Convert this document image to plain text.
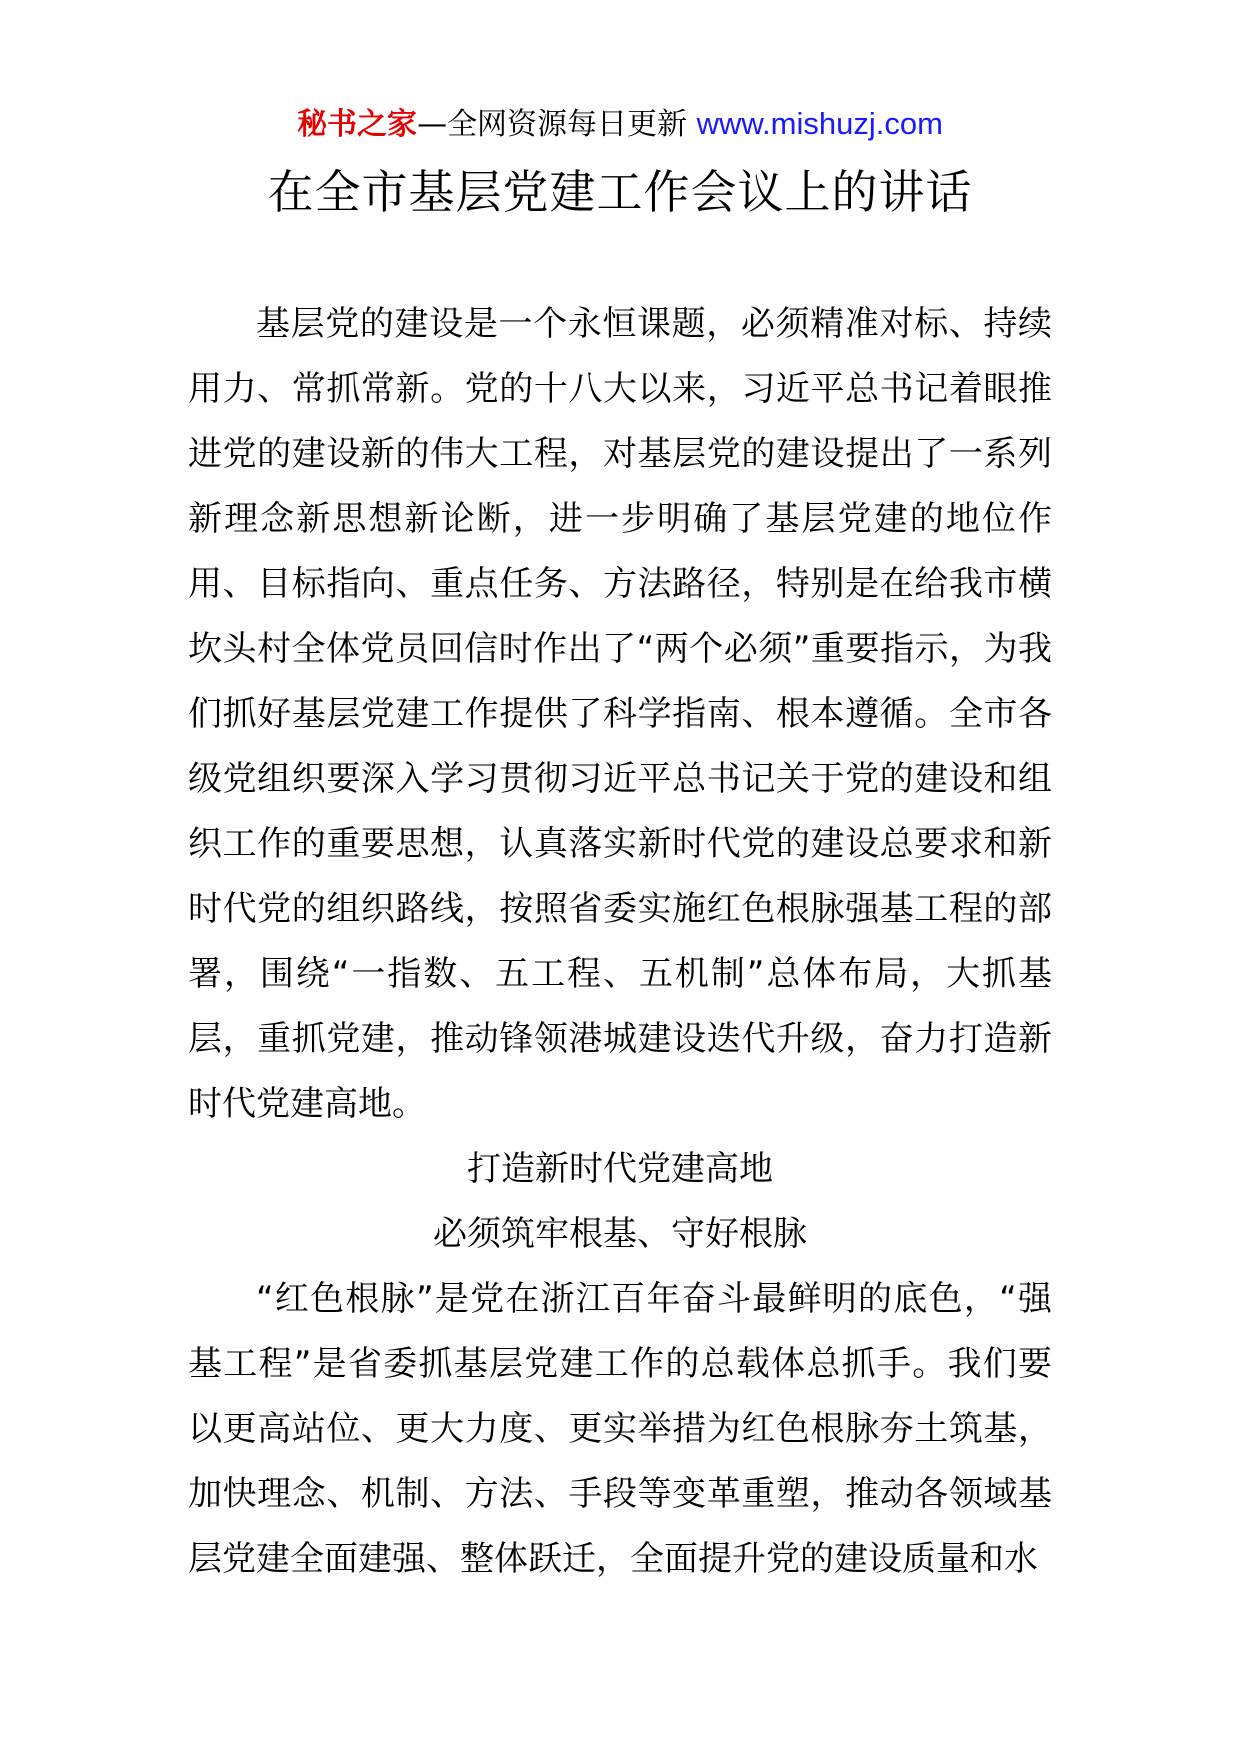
秘书之家—全网资源每日更新 www.mishuzj.com
在全市基层党建工作会议上的讲话

基层党的建设是一个永恒课题，必须精准对标、持续用力、常抓常新。党的十八大以来，习近平总书记着眼推进党的建设新的伟大工程，对基层党的建设提出了一系列新理念新思想新论断，进一步明确了基层党建的地位作用、目标指向、重点任务、方法路径，特别是在给我市横坎头村全体党员回信时作出了“两个必须”重要指示，为我们抓好基层党建工作提供了科学指南、根本遵循。全市各级党组织要深入学习贯彻习近平总书记关于党的建设和组织工作的重要思想，认真落实新时代党的建设总要求和新时代党的组织路线，按照省委实施红色根脉强基工程的部署，围绕“一指数、五工程、五机制”总体布局，大抓基层，重抓党建，推动锋领港城建设迭代升级，奋力打造新时代党建高地。

打造新时代党建高地

必须筑牢根基、守好根脉

“红色根脉”是党在浙江百年奋斗最鲜明的底色，“强基工程”是省委抓基层党建工作的总载体总抓手。我们要以更高站位、更大力度、更实举措为红色根脉夯土筑基，加快理念、机制、方法、手段等变革重塑，推动各领域基层党建全面建强、整体跃迁，全面提升党的建设质量和水
